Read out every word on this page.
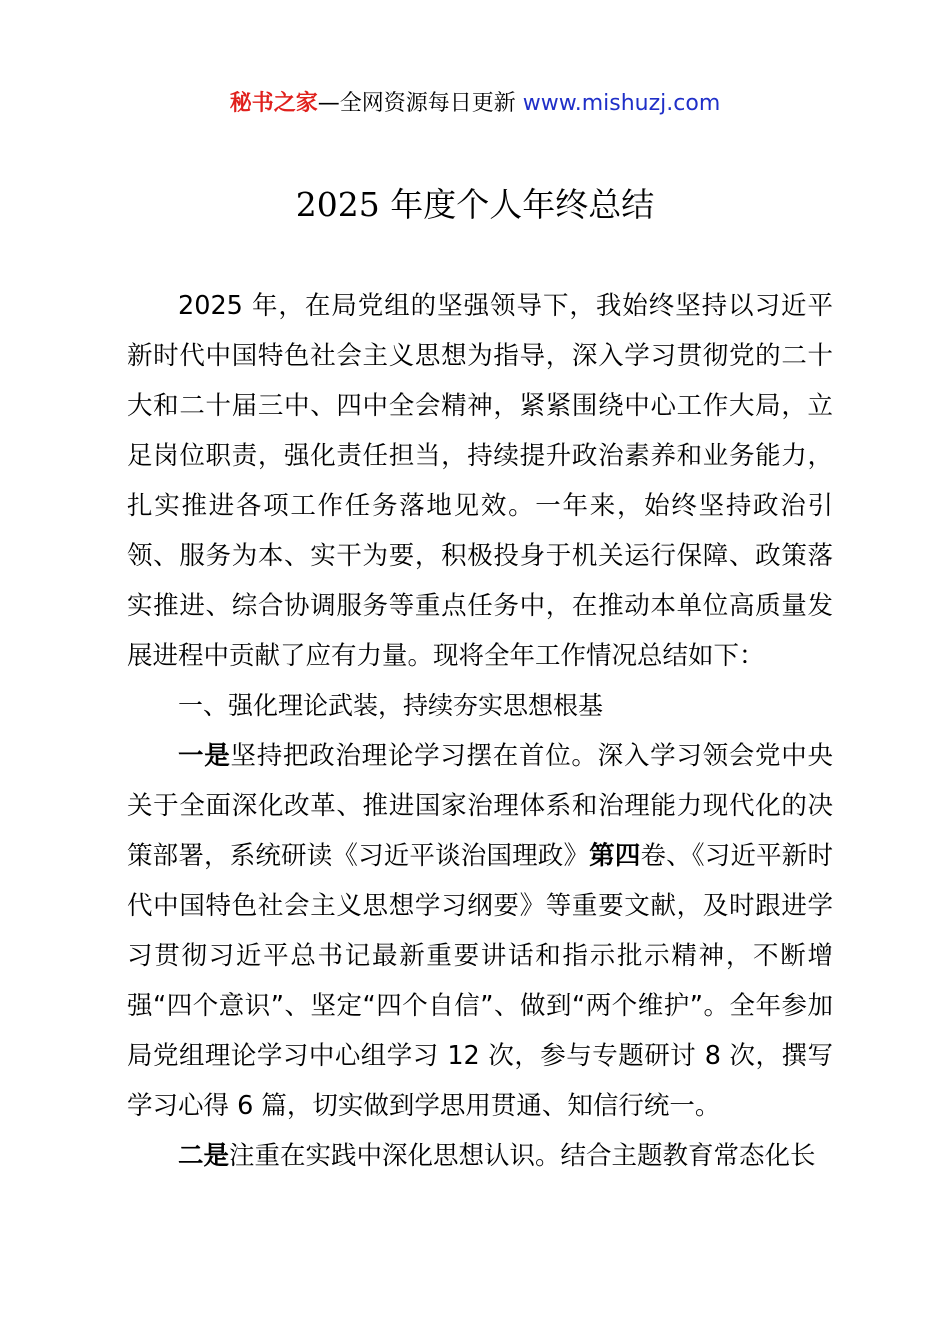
秘书之家—全网资源每日更新 www.mishuzj.com
2025 年度个人年终总结

2025 年，在局党组的坚强领导下，我始终坚持以习近平新时代中国特色社会主义思想为指导，深入学习贯彻党的二十大和二十届三中、四中全会精神，紧紧围绕中心工作大局，立足岗位职责，强化责任担当，持续提升政治素养和业务能力，扎实推进各项工作任务落地见效。一年来，始终坚持政治引领、服务为本、实干为要，积极投身于机关运行保障、政策落实推进、综合协调服务等重点任务中，在推动本单位高质量发展进程中贡献了应有力量。现将全年工作情况总结如下：

一、强化理论武装，持续夯实思想根基

一是坚持把政治理论学习摆在首位。深入学习领会党中央关于全面深化改革、推进国家治理体系和治理能力现代化的决策部署，系统研读《习近平谈治国理政》第四卷、《习近平新时代中国特色社会主义思想学习纲要》等重要文献，及时跟进学习贯彻习近平总书记最新重要讲话和指示批示精神，不断增强“四个意识”、坚定“四个自信”、做到“两个维护”。全年参加局党组理论学习中心组学习 12 次，参与专题研讨 8 次，撰写学习心得 6 篇，切实做到学思用贯通、知信行统一。

二是注重在实践中深化思想认识。结合主题教育常态化长
